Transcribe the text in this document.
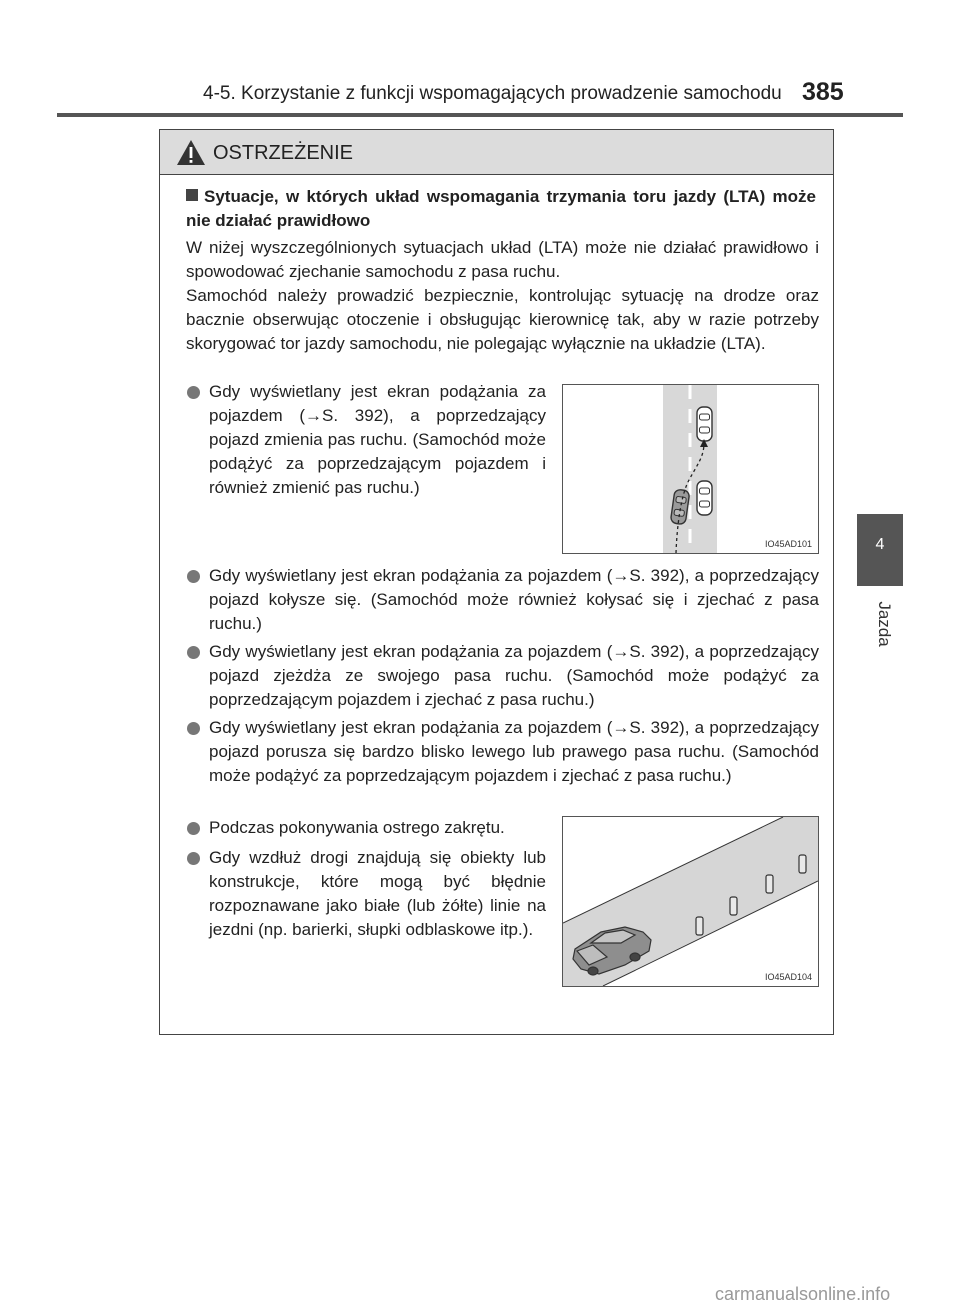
4-5. Korzystanie z funkcji wspomagających prowadzenie samochodu 385
4
Jazda
OSTRZEŻENIE
Sytuacje, w których układ wspomagania trzymania toru jazdy (LTA) może nie działać prawidłowo
W niżej wyszczególnionych sytuacjach układ (LTA) może nie działać prawidłowo i spowodować zjechanie samochodu z pasa ruchu.
Samochód należy prowadzić bezpiecznie, kontrolując sytuację na drodze oraz bacznie obserwując otoczenie i obsługując kierownicę tak, aby w razie potrzeby skorygować tor jazdy samochodu, nie polegając wyłącznie na układzie (LTA).
Gdy wyświetlany jest ekran podążania za pojazdem (→S. 392), a poprzedzający pojazd zmienia pas ruchu. (Samochód może podążyć za poprzedzającym pojazdem i również zmienić pas ruchu.)
IO45AD101
Gdy wyświetlany jest ekran podążania za pojazdem (→S. 392), a poprzedzający pojazd kołysze się. (Samochód może również kołysać się i zjechać z pasa ruchu.)
Gdy wyświetlany jest ekran podążania za pojazdem (→S. 392), a poprzedzający pojazd zjeżdża ze swojego pasa ruchu. (Samochód może podążyć za poprzedzającym pojazdem i zjechać z pasa ruchu.)
Gdy wyświetlany jest ekran podążania za pojazdem (→S. 392), a poprzedzający pojazd porusza się bardzo blisko lewego lub prawego pasa ruchu. (Samochód może podążyć za poprzedzającym pojazdem i zjechać z pasa ruchu.)
Podczas pokonywania ostrego zakrętu.
Gdy wzdłuż drogi znajdują się obiekty lub konstrukcje, które mogą być błędnie rozpoznawane jako białe (lub żółte) linie na jezdni (np. barierki, słupki odblaskowe itp.).
IO45AD104
carmanualsonline.info
